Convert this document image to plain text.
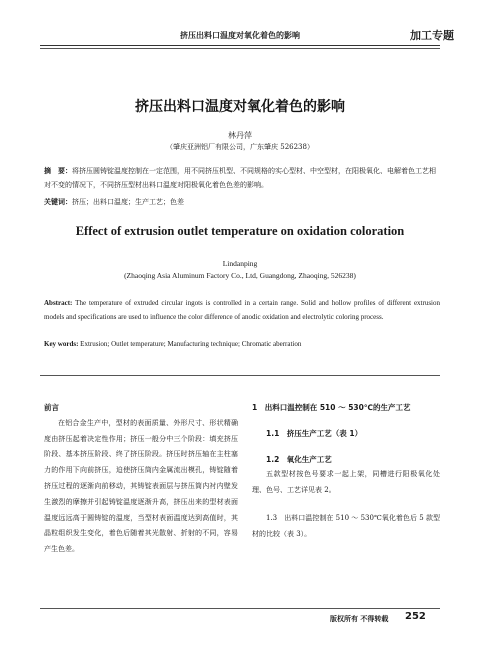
挤压出料口温度对氧化着色的影响	加工专题
挤压出料口温度对氧化着色的影响
林丹萍
（肇庆亚洲铝厂有限公司，广东肇庆 526238）
摘　要：将挤压圆铸锭温度控制在一定范围，用不同挤压机型、不同规格的实心型材、中空型材，在阳极氧化、电解着色工艺相对不变的情况下，不同挤压型材出料口温度对阳极氧化着色色差的影响。
关键词：挤压；出料口温度；生产工艺；色差
Effect of extrusion outlet temperature on oxidation coloration
Lindanping
(Zhaoqing Asia Aluminum Factory Co., Ltd, Guangdong, Zhaoqing, 526238)
Abstract: The temperature of extruded circular ingots is controlled in a certain range. Solid and hollow profiles of different extrusion models and specifications are used to influence the color difference of anodic oxidation and electrolytic coloring process.
Key words: Extrusion; Outlet temperature; Manufacturing technique; Chromatic aberration
前言

在铝合金生产中，型材的表面质量、外形尺寸、形状精确度由挤压起着决定性作用；挤压一般分中三个阶段：填充挤压阶段、基本挤压阶段、终了挤压阶段。挤压时挤压轴在主柱塞力的作用下向前挤压，迫使挤压筒内金属流出模孔，铸锭随着挤压过程的逐渐向前移动，其铸锭表面层与挤压筒内衬内壁发生激烈的摩擦并引起铸锭温度逐渐升高，挤压出来的型材表面温度远远高于圆铸锭的温度，当型材表面温度达到高值时，其晶粒组织发生变化，着色后随着其光散射、折射的不同，容易产生色差。

1　出料口温控制在 510 ～ 530℃的生产工艺
1.1　挤压生产工艺（表 1）
1.2　氧化生产工艺

五款型材按色号要求一起上架，同槽进行阳极氧化处理、色号、工艺详见表 2。

1.3　出料口温控制在 510 ～ 530℃氧化着色后 5 款型材的比较（表 3）。

版权所有 不得转载 252
